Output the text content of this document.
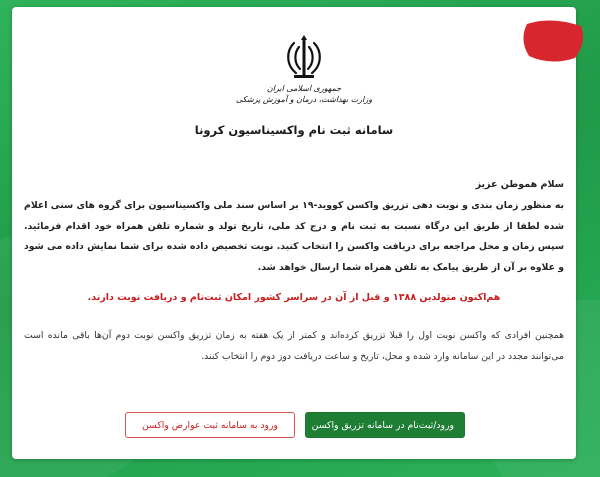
جمهوری اسلامی ایران
وزارت بهداشت، درمان و آموزش پزشکی
سامانه ثبت نام واکسیناسیون کرونا
سلام هموطن عزیز
به منظور زمان بندی و نوبت دهی تزریق واکسن کووید-۱۹ بر اساس سند ملی واکسیناسیون برای گروه های سنی اعلام شده لطفا از طریق این درگاه نسبت به ثبت نام و درج کد ملی، تاریخ تولد و شماره تلفن همراه خود اقدام فرمائید. سپس زمان و محل مراجعه برای دریافت واکسن را انتخاب کنید. نوبت تخصیص داده شده برای شما نمایش داده می شود و علاوه بر آن از طریق پیامک به تلفن همراه شما ارسال خواهد شد.
هم‌اکنون متولدین ۱۳۸۸ و قبل از آن در سراسر کشور امکان ثبت‌نام و دریافت نوبت دارند.
همچنین افرادی که واکسن نوبت اول را قبلا تزریق کرده‌اند و کمتر از یک هفته به زمان تزریق واکسن نوبت دوم آن‌ها باقی مانده است می‌توانند مجدد در این سامانه وارد شده و محل، تاریخ و ساعت دریافت دوز دوم را انتخاب کنند.
ورود/ثبت‌نام در سامانه تزریق واکسن
ورود به سامانه ثبت عوارض واکسن
